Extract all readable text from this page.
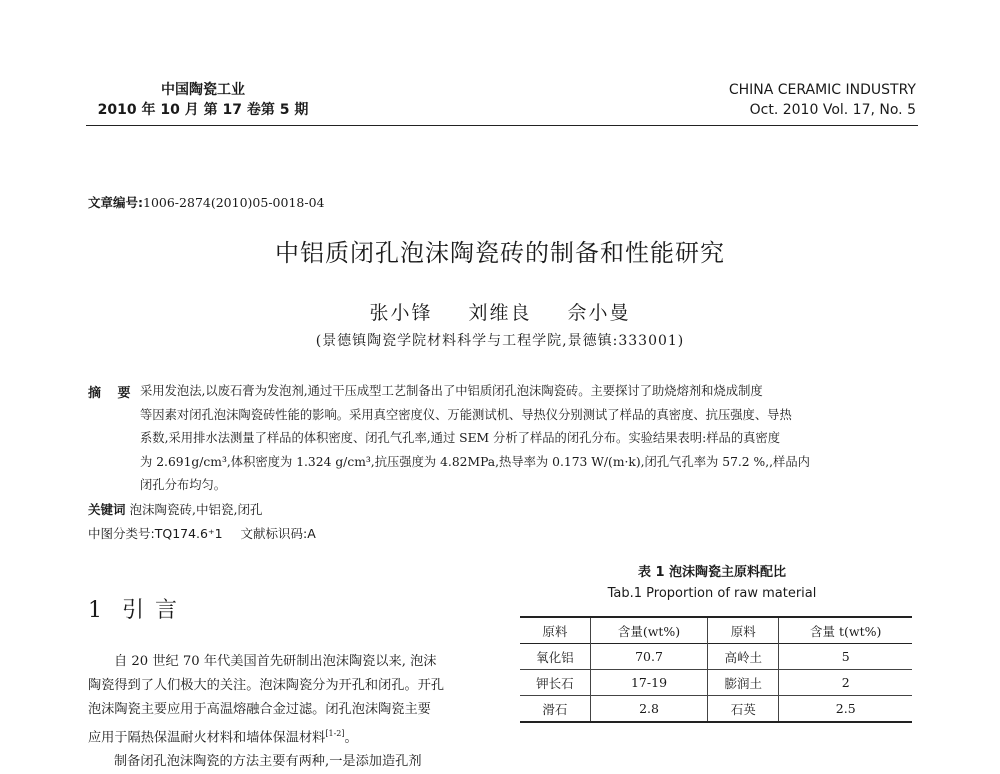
中国陶瓷工业
2010 年 10 月 第 17 卷第 5 期
CHINA CERAMIC INDUSTRY
Oct. 2010 Vol. 17, No. 5
文章编号:1006-2874(2010)05-0018-04
中铝质闭孔泡沫陶瓷砖的制备和性能研究
张小锋 刘维良 佘小曼
(景德镇陶瓷学院材料科学与工程学院,景德镇:333001)
摘 要 采用发泡法,以废石膏为发泡剂,通过干压成型工艺制备出了中铝质闭孔泡沫陶瓷砖。主要探讨了助烧熔剂和烧成制度
等因素对闭孔泡沫陶瓷砖性能的影响。采用真空密度仪、万能测试机、导热仪分别测试了样品的真密度、抗压强度、导热
系数,采用排水法测量了样品的体积密度、闭孔气孔率,通过 SEM 分析了样品的闭孔分布。实验结果表明:样品的真密度
为 2.691g/cm³,体积密度为 1.324 g/cm³,抗压强度为 4.82MPa,热导率为 0.173 W/(m·k),闭孔气孔率为 57.2 %,,样品内
闭孔分布均匀。
关键词 泡沫陶瓷砖,中铝瓷,闭孔
中图分类号:TQ174.6⁺1 文献标识码:A
1 引 言
自 20 世纪 70 年代美国首先研制出泡沫陶瓷以来, 泡沫
陶瓷得到了人们极大的关注。泡沫陶瓷分为开孔和闭孔。开孔
泡沫陶瓷主要应用于高温熔融合金过滤。闭孔泡沫陶瓷主要
应用于隔热保温耐火材料和墙体保温材料[1-2]。
制备闭孔泡沫陶瓷的方法主要有两种,一是添加造孔剂
表 1 泡沫陶瓷主原料配比
Tab.1 Proportion of raw material
原料	含量(wt%)	原料	含量 t(wt%)
氧化铝	70.7	高岭土	5
钾长石	17-19	膨润土	2
滑石	2.8	石英	2.5
